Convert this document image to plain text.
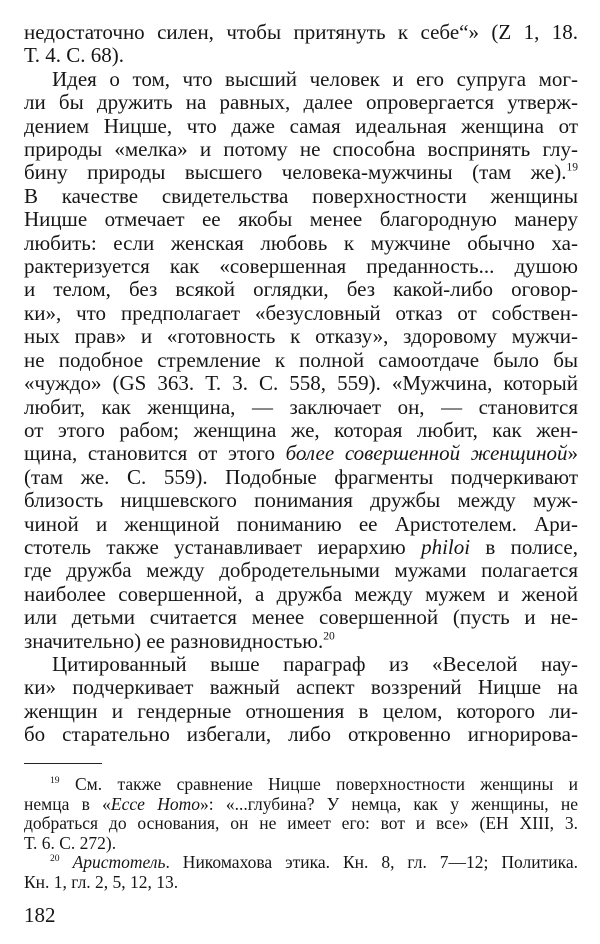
недостаточно силен, чтобы притянуть к себе“» (Z 1, 18.
Т. 4. С. 68).
Идея о том, что высший человек и его супруга мог-
ли бы дружить на равных, далее опровергается утверж-
дением Ницше, что даже самая идеальная женщина от
природы «мелка» и потому не способна воспринять глу-
бину природы высшего человека-мужчины (там же).$^{19}$
В качестве свидетельства поверхностности женщины
Ницше отмечает ее якобы менее благородную манеру
любить: если женская любовь к мужчине обычно ха-
рактеризуется как «совершенная преданность... душою
и телом, без всякой оглядки, без какой-либо оговор-
ки», что предполагает «безусловный отказ от собствен-
ных прав» и «готовность к отказу», здоровому мужчи-
не подобное стремление к полной самоотдаче было бы
«чуждо» (GS 363. Т. 3. С. 558, 559). «Мужчина, который
любит, как женщина, — заключает он, — становится
от этого рабом; женщина же, которая любит, как жен-
щина, становится от этого более совершенной женщиной»
(там же. С. 559). Подобные фрагменты подчеркивают
близость ницшевского понимания дружбы между муж-
чиной и женщиной пониманию ее Аристотелем. Ари-
стотель также устанавливает иерархию philoi в полисе,
где дружба между добродетельными мужами полагается
наиболее совершенной, а дружба между мужем и женой
или детьми считается менее совершенной (пусть и не-
значительно) ее разновидностью.$^{20}$
Цитированный выше параграф из «Веселой нау-
ки» подчеркивает важный аспект воззрений Ницше на
женщин и гендерные отношения в целом, которого ли-
бо старательно избегали, либо откровенно игнорирова-
$^{19}$ См. также сравнение Ницше поверхностности женщины и
немца в «Ecce Homo»: «...глубина? У немца, как у женщины, не
добраться до основания, он не имеет его: вот и все» (EH XIII, 3.
Т. 6. С. 272).
$^{20}$ Аристотель. Никомахова этика. Кн. 8, гл. 7—12; Политика.
Кн. 1, гл. 2, 5, 12, 13.
182
